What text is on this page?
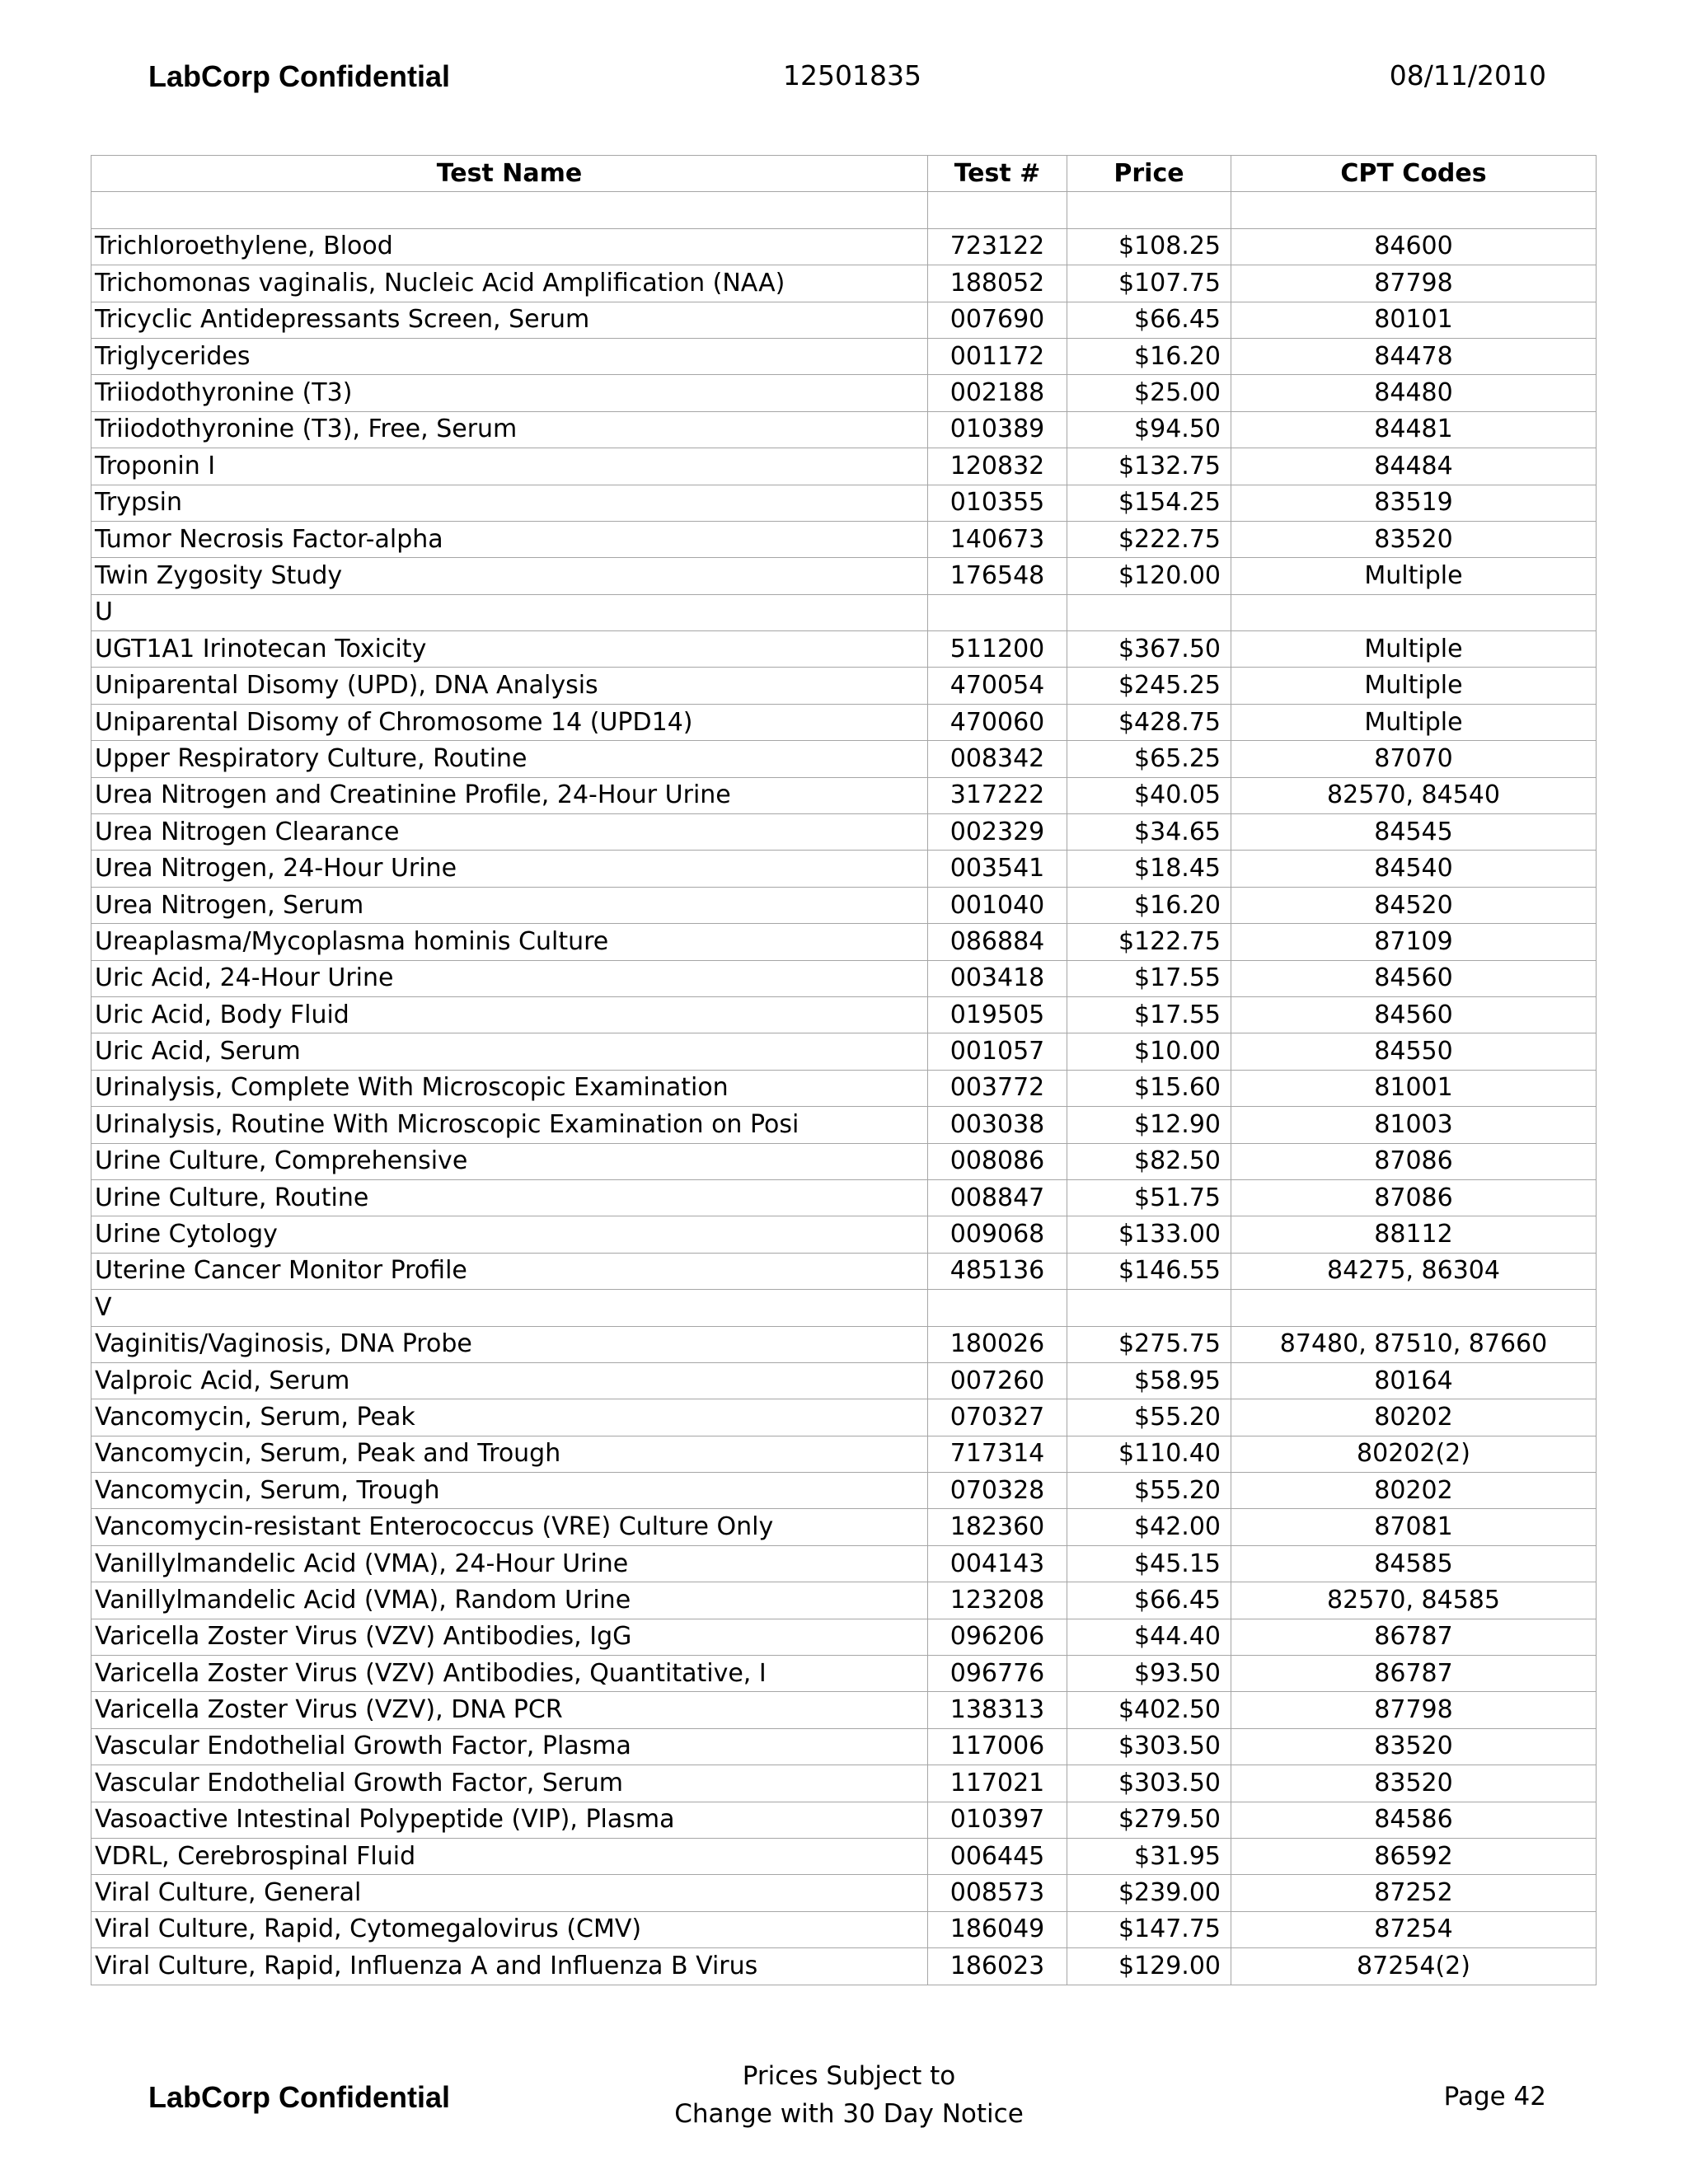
LabCorp Confidential	12501835	08/11/2010
Test Name	Test #	Price	CPT Codes

Trichloroethylene, Blood	723122	$108.25	84600
Trichomonas vaginalis, Nucleic Acid Amplification (NAA)	188052	$107.75	87798
Tricyclic Antidepressants Screen, Serum	007690	$66.45	80101
Triglycerides	001172	$16.20	84478
Triiodothyronine (T3)	002188	$25.00	84480
Triiodothyronine (T3), Free, Serum	010389	$94.50	84481
Troponin I	120832	$132.75	84484
Trypsin	010355	$154.25	83519
Tumor Necrosis Factor-alpha	140673	$222.75	83520
Twin Zygosity Study	176548	$120.00	Multiple
U			
UGT1A1 Irinotecan Toxicity	511200	$367.50	Multiple
Uniparental Disomy (UPD), DNA Analysis	470054	$245.25	Multiple
Uniparental Disomy of Chromosome 14 (UPD14)	470060	$428.75	Multiple
Upper Respiratory Culture, Routine	008342	$65.25	87070
Urea Nitrogen and Creatinine Profile, 24-Hour Urine	317222	$40.05	82570, 84540
Urea Nitrogen Clearance	002329	$34.65	84545
Urea Nitrogen, 24-Hour Urine	003541	$18.45	84540
Urea Nitrogen, Serum	001040	$16.20	84520
Ureaplasma/Mycoplasma hominis Culture	086884	$122.75	87109
Uric Acid, 24-Hour Urine	003418	$17.55	84560
Uric Acid, Body Fluid	019505	$17.55	84560
Uric Acid, Serum	001057	$10.00	84550
Urinalysis, Complete With Microscopic Examination	003772	$15.60	81001
Urinalysis, Routine With Microscopic Examination on Posi	003038	$12.90	81003
Urine Culture, Comprehensive	008086	$82.50	87086
Urine Culture, Routine	008847	$51.75	87086
Urine Cytology	009068	$133.00	88112
Uterine Cancer Monitor Profile	485136	$146.55	84275, 86304
V			
Vaginitis/Vaginosis, DNA Probe	180026	$275.75	87480, 87510, 87660
Valproic Acid, Serum	007260	$58.95	80164
Vancomycin, Serum, Peak	070327	$55.20	80202
Vancomycin, Serum, Peak and Trough	717314	$110.40	80202(2)
Vancomycin, Serum, Trough	070328	$55.20	80202
Vancomycin-resistant Enterococcus (VRE) Culture Only	182360	$42.00	87081
Vanillylmandelic Acid (VMA), 24-Hour Urine	004143	$45.15	84585
Vanillylmandelic Acid (VMA), Random Urine	123208	$66.45	82570, 84585
Varicella Zoster Virus (VZV) Antibodies, IgG	096206	$44.40	86787
Varicella Zoster Virus (VZV) Antibodies, Quantitative, I	096776	$93.50	86787
Varicella Zoster Virus (VZV), DNA PCR	138313	$402.50	87798
Vascular Endothelial Growth Factor, Plasma	117006	$303.50	83520
Vascular Endothelial Growth Factor, Serum	117021	$303.50	83520
Vasoactive Intestinal Polypeptide (VIP), Plasma	010397	$279.50	84586
VDRL, Cerebrospinal Fluid	006445	$31.95	86592
Viral Culture, General	008573	$239.00	87252
Viral Culture, Rapid, Cytomegalovirus (CMV)	186049	$147.75	87254
Viral Culture, Rapid, Influenza A and Influenza B Virus	186023	$129.00	87254(2)
LabCorp Confidential
Prices Subject to
Change with 30 Day Notice
Page 42
